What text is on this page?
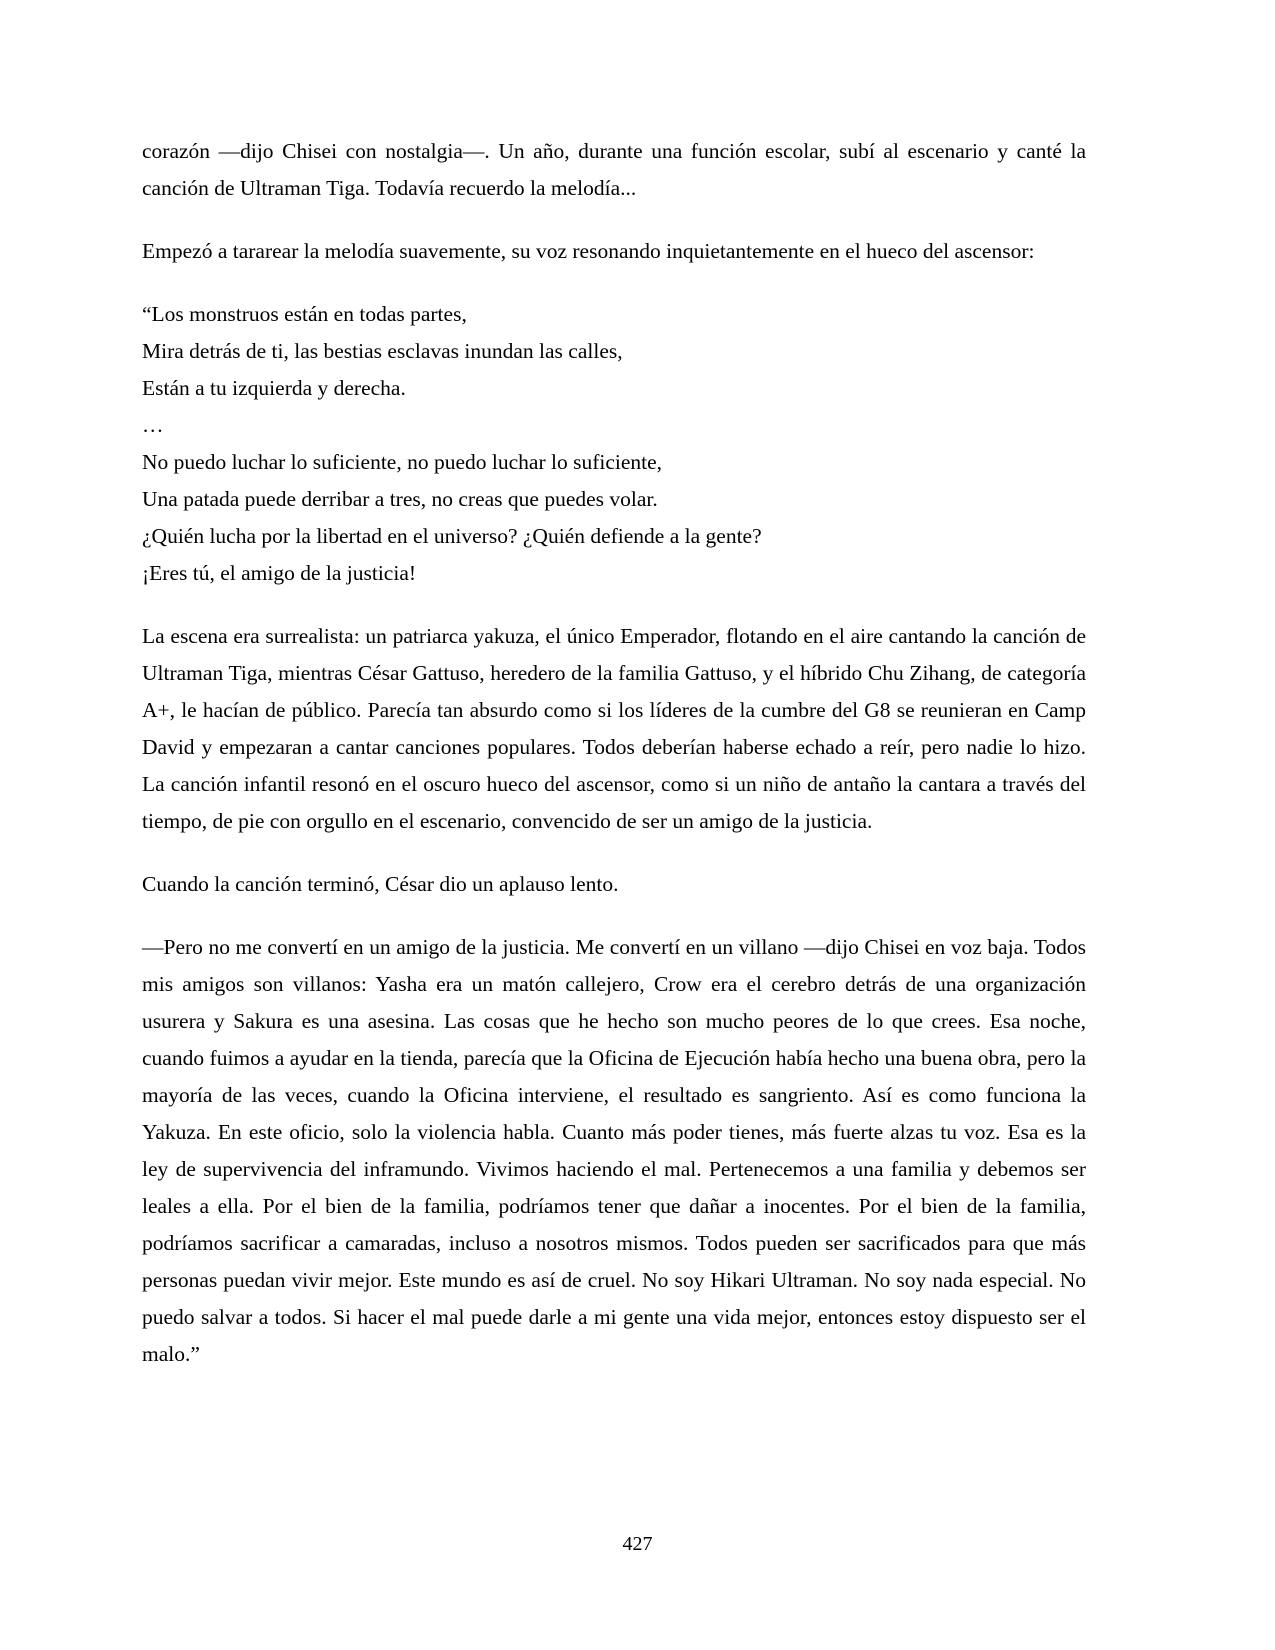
corazón —dijo Chisei con nostalgia—. Un año, durante una función escolar, subí al escenario y canté la canción de Ultraman Tiga. Todavía recuerdo la melodía...

Empezó a tararear la melodía suavemente, su voz resonando inquietantemente en el hueco del ascensor:

“Los monstruos están en todas partes,
Mira detrás de ti, las bestias esclavas inundan las calles,
Están a tu izquierda y derecha.
…
No puedo luchar lo suficiente, no puedo luchar lo suficiente,
Una patada puede derribar a tres, no creas que puedes volar.
¿Quién lucha por la libertad en el universo? ¿Quién defiende a la gente?
¡Eres tú, el amigo de la justicia!

La escena era surrealista: un patriarca yakuza, el único Emperador, flotando en el aire cantando la canción de Ultraman Tiga, mientras César Gattuso, heredero de la familia Gattuso, y el híbrido Chu Zihang, de categoría A+, le hacían de público. Parecía tan absurdo como si los líderes de la cumbre del G8 se reunieran en Camp David y empezaran a cantar canciones populares. Todos deberían haberse echado a reír, pero nadie lo hizo. La canción infantil resonó en el oscuro hueco del ascensor, como si un niño de antaño la cantara a través del tiempo, de pie con orgullo en el escenario, convencido de ser un amigo de la justicia.

Cuando la canción terminó, César dio un aplauso lento.

—Pero no me convertí en un amigo de la justicia. Me convertí en un villano —dijo Chisei en voz baja. Todos mis amigos son villanos: Yasha era un matón callejero, Crow era el cerebro detrás de una organización usurera y Sakura es una asesina. Las cosas que he hecho son mucho peores de lo que crees. Esa noche, cuando fuimos a ayudar en la tienda, parecía que la Oficina de Ejecución había hecho una buena obra, pero la mayoría de las veces, cuando la Oficina interviene, el resultado es sangriento. Así es como funciona la Yakuza. En este oficio, solo la violencia habla. Cuanto más poder tienes, más fuerte alzas tu voz. Esa es la ley de supervivencia del inframundo. Vivimos haciendo el mal. Pertenecemos a una familia y debemos ser leales a ella. Por el bien de la familia, podríamos tener que dañar a inocentes. Por el bien de la familia, podríamos sacrificar a camaradas, incluso a nosotros mismos. Todos pueden ser sacrificados para que más personas puedan vivir mejor. Este mundo es así de cruel. No soy Hikari Ultraman. No soy nada especial. No puedo salvar a todos. Si hacer el mal puede darle a mi gente una vida mejor, entonces estoy dispuesto ser el malo.”

427
